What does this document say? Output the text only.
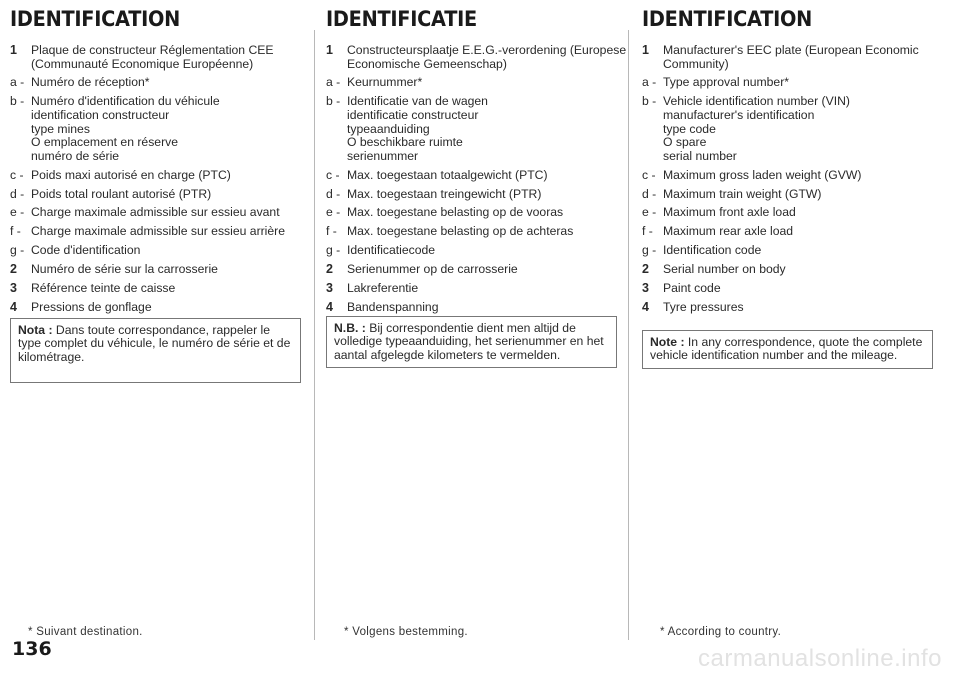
IDENTIFICATION
1	Plaque de constructeur Réglementation CEE
(Communauté Economique Européenne)
a - Numéro de réception*
b - Numéro d'identification du véhicule
identification constructeur
type mines
O emplacement en réserve
numéro de série
c - Poids maxi autorisé en charge (PTC)
d - Poids total roulant autorisé (PTR)
e - Charge maximale admissible sur essieu avant
f - Charge maximale admissible sur essieu arrière
g - Code d'identification
2	Numéro de série sur la carrosserie
3	Référence teinte de caisse
4	Pressions de gonflage
Nota : Dans toute correspondance, rappeler le type complet du véhicule, le numéro de série et de kilométrage.
* Suivant destination.
IDENTIFICATIE
1	Constructeursplaatje E.E.G.-verordening (Europese
Economische Gemeenschap)
a - Keurnummer*
b - Identificatie van de wagen
identificatie constructeur
typeaanduiding
O beschikbare ruimte
serienummer
c - Max. toegestaan totaalgewicht (PTC)
d - Max. toegestaan treingewicht (PTR)
e - Max. toegestane belasting op de vooras
f - Max. toegestane belasting op de achteras
g - Identificatiecode
2	Serienummer op de carrosserie
3	Lakreferentie
4	Bandenspanning
N.B. : Bij correspondentie dient men altijd de volledige typeaanduiding, het serienummer en het aantal afgelegde kilometers te vermelden.
* Volgens bestemming.
IDENTIFICATION
1	Manufacturer's EEC plate (European Economic
Community)
a - Type approval number*
b - Vehicle identification number (VIN)
manufacturer's identification
type code
O spare
serial number
c - Maximum gross laden weight (GVW)
d - Maximum train weight (GTW)
e - Maximum front axle load
f - Maximum rear axle load
g - Identification code
2	Serial number on body
3	Paint code
4	Tyre pressures
Note : In any correspondence, quote the complete vehicle identification number and the mileage.
* According to country.
136	carmanualsonline.info
